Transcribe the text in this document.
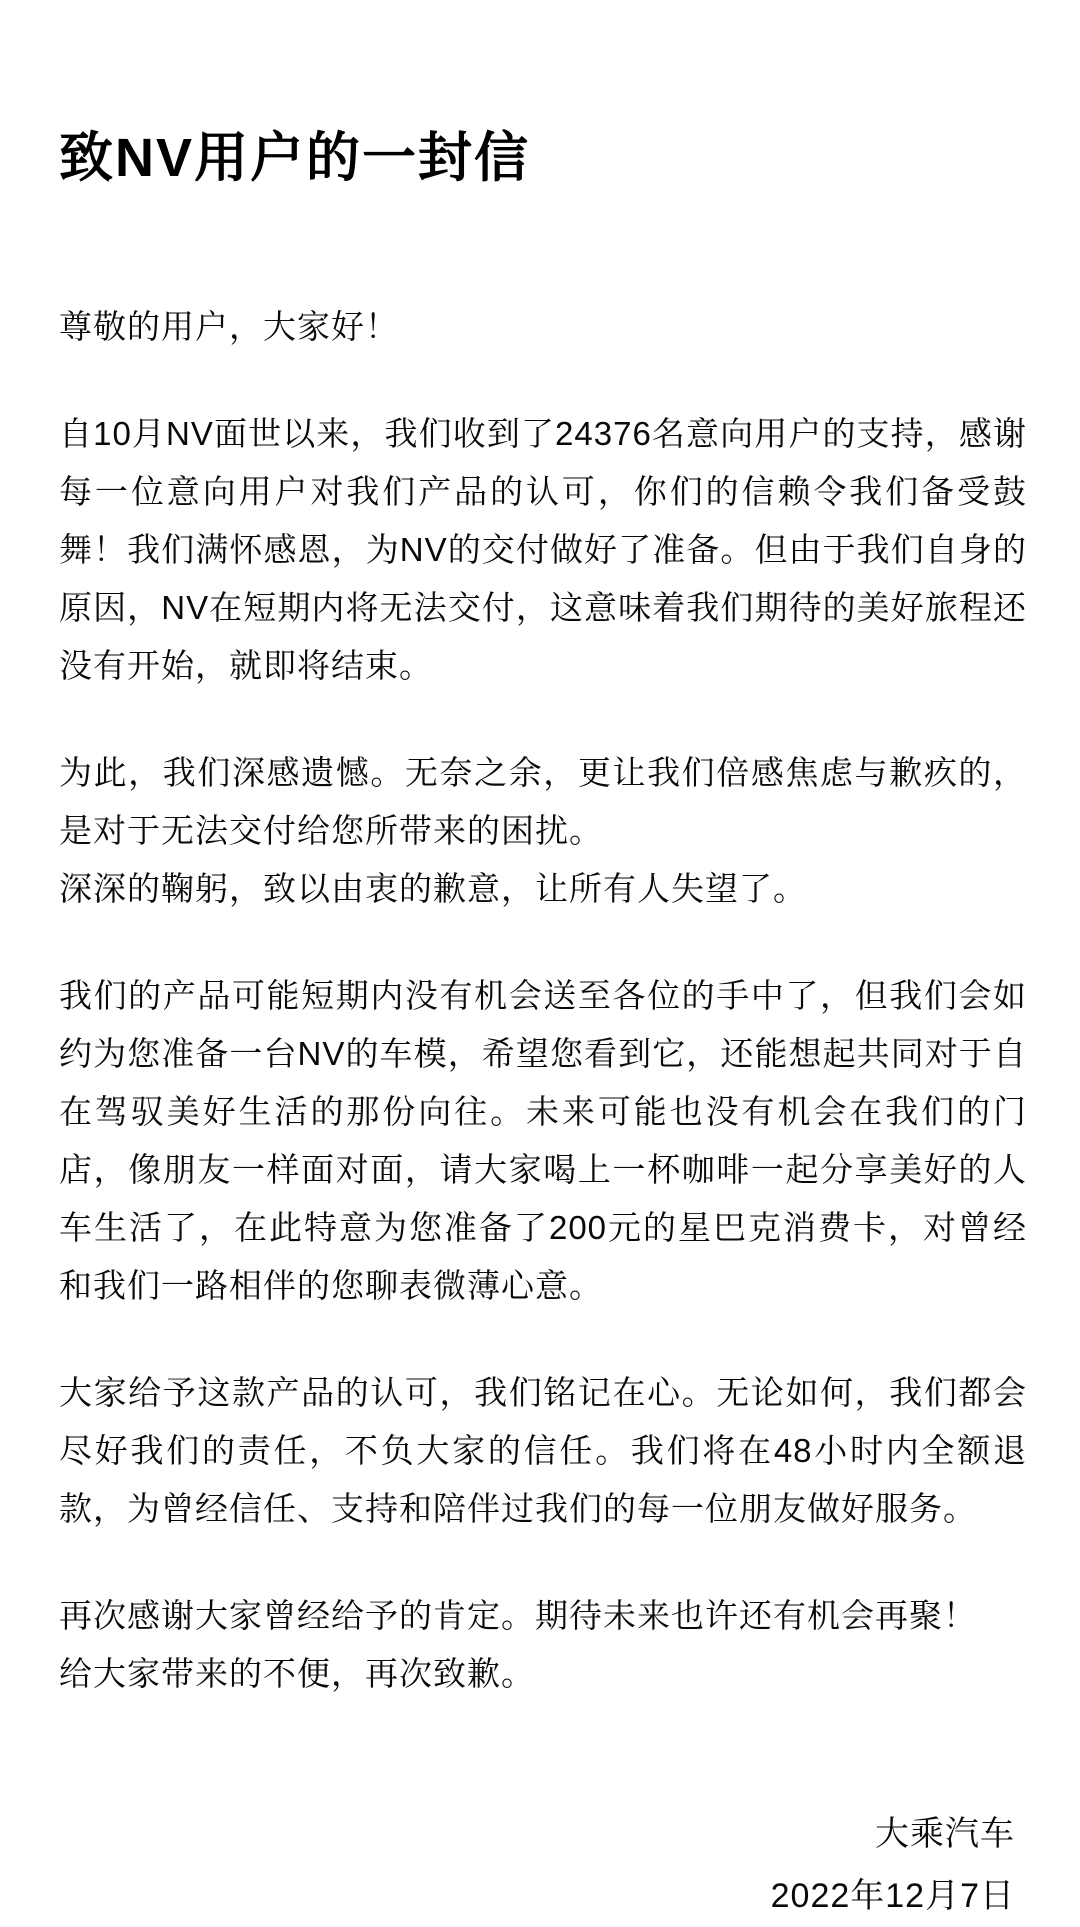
致NV用户的一封信

尊敬的用户，大家好！

自10月NV面世以来，我们收到了24376名意向用户的支持，感谢每一位意向用户对我们产品的认可，你们的信赖令我们备受鼓舞！我们满怀感恩，为NV的交付做好了准备。但由于我们自身的原因，NV在短期内将无法交付，这意味着我们期待的美好旅程还没有开始，就即将结束。

为此，我们深感遗憾。无奈之余，更让我们倍感焦虑与歉疚的，是对于无法交付给您所带来的困扰。

深深的鞠躬，致以由衷的歉意，让所有人失望了。

我们的产品可能短期内没有机会送至各位的手中了，但我们会如约为您准备一台NV的车模，希望您看到它，还能想起共同对于自在驾驭美好生活的那份向往。未来可能也没有机会在我们的门店，像朋友一样面对面，请大家喝上一杯咖啡一起分享美好的人车生活了，在此特意为您准备了200元的星巴克消费卡，对曾经和我们一路相伴的您聊表微薄心意。

大家给予这款产品的认可，我们铭记在心。无论如何，我们都会尽好我们的责任，不负大家的信任。我们将在48小时内全额退款，为曾经信任、支持和陪伴过我们的每一位朋友做好服务。

再次感谢大家曾经给予的肯定。期待未来也许还有机会再聚！

给大家带来的不便，再次致歉。

大乘汽车

2022年12月7日
